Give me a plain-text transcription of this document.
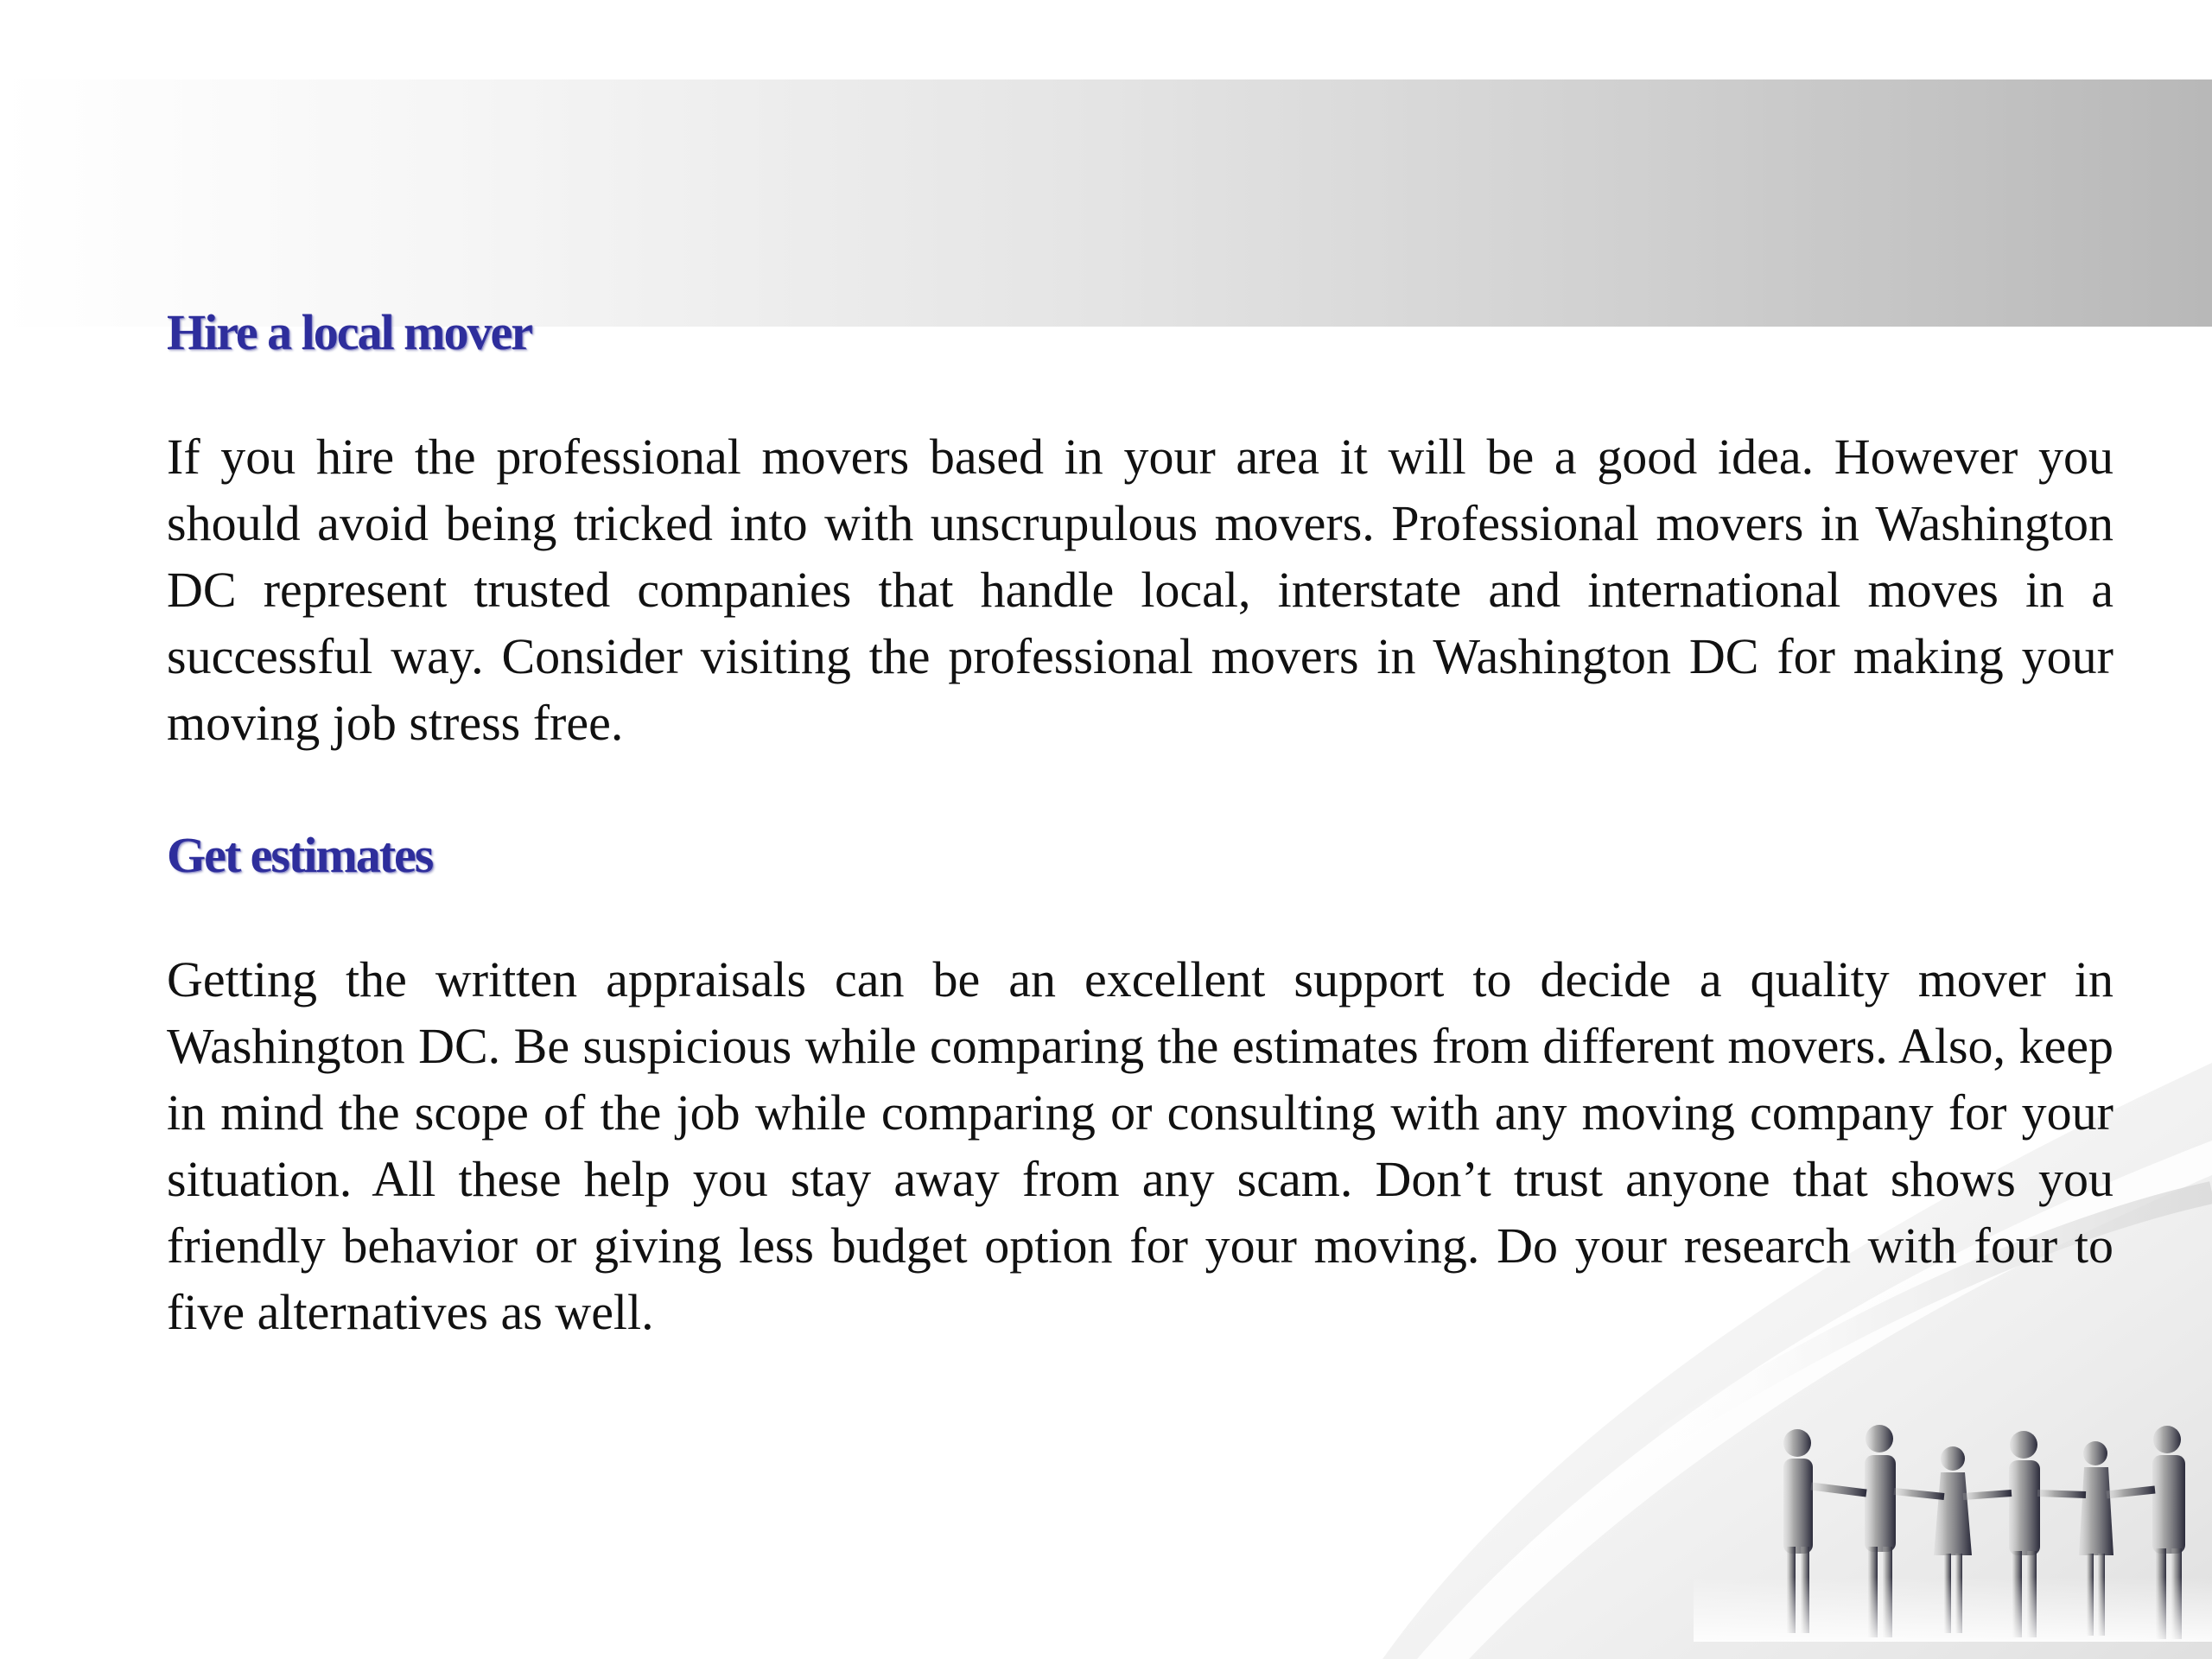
Hire a local mover

If you hire the professional movers based in your area it will be a good idea. However you should avoid being tricked into with unscrupulous movers. Professional movers in Washington DC represent trusted companies that handle local, interstate and international moves in a successful way. Consider visiting the professional movers in Washington DC for making your moving job stress free.

Get estimates

Getting the written appraisals can be an excellent support to decide a quality mover in Washington DC. Be suspicious while comparing the estimates from different movers. Also, keep in mind the scope of the job while comparing or consulting with any moving company for your situation. All these help you stay away from any scam. Don’t trust anyone that shows you friendly behavior or giving less budget option for your moving. Do your research with four to five alternatives as well.
